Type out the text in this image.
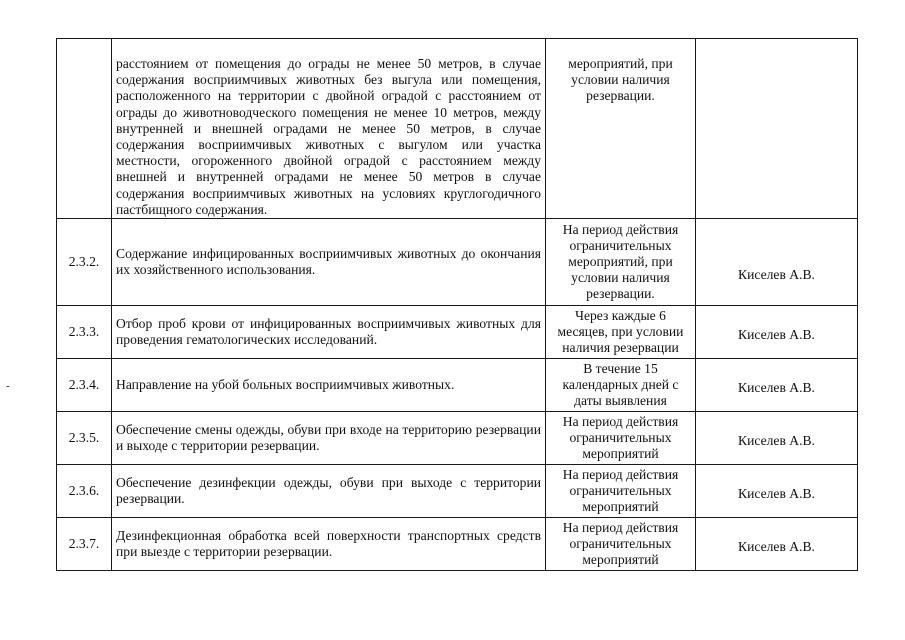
-
	расстоянием от помещения до ограды не менее 50 метров, в случае содержания восприимчивых животных без выгула или помещения, расположенного на территории с двойной оградой с расстоянием от ограды до животноводческого помещения не менее 10 метров, между внутренней и внешней оградами не менее 50 метров, в случае содержания восприимчивых животных с выгулом или участка местности, огороженного двойной оградой с расстоянием между внешней и внутренней оградами не менее 50 метров в случае содержания восприимчивых животных на условиях круглогодичного пастбищного содержания.	мероприятий, при условии наличия резервации.	
2.3.2.	Содержание инфицированных восприимчивых животных до окончания их хозяйственного использования.	На период действия ограничительных мероприятий, при условии наличия резервации.	Киселев А.В.

2.3.3.	Отбор проб крови от инфицированных восприимчивых животных для проведения гематологических исследований.	Через каждые 6 месяцев, при условии наличия резервации	Киселев А.В.

2.3.4.	Направление на убой больных восприимчивых животных.	В течение 15 календарных дней с даты выявления	Киселев А.В.

2.3.5.	Обеспечение смены одежды, обуви при входе на территорию резервации и выходе с территории резервации.	На период действия ограничительных мероприятий	Киселев А.В.

2.3.6.	Обеспечение дезинфекции одежды, обуви при выходе с территории резервации.	На период действия ограничительных мероприятий	Киселев А.В.

2.3.7.	Дезинфекционная обработка всей поверхности транспортных средств при выезде с территории резервации.	На период действия ограничительных мероприятий	Киселев А.В.
